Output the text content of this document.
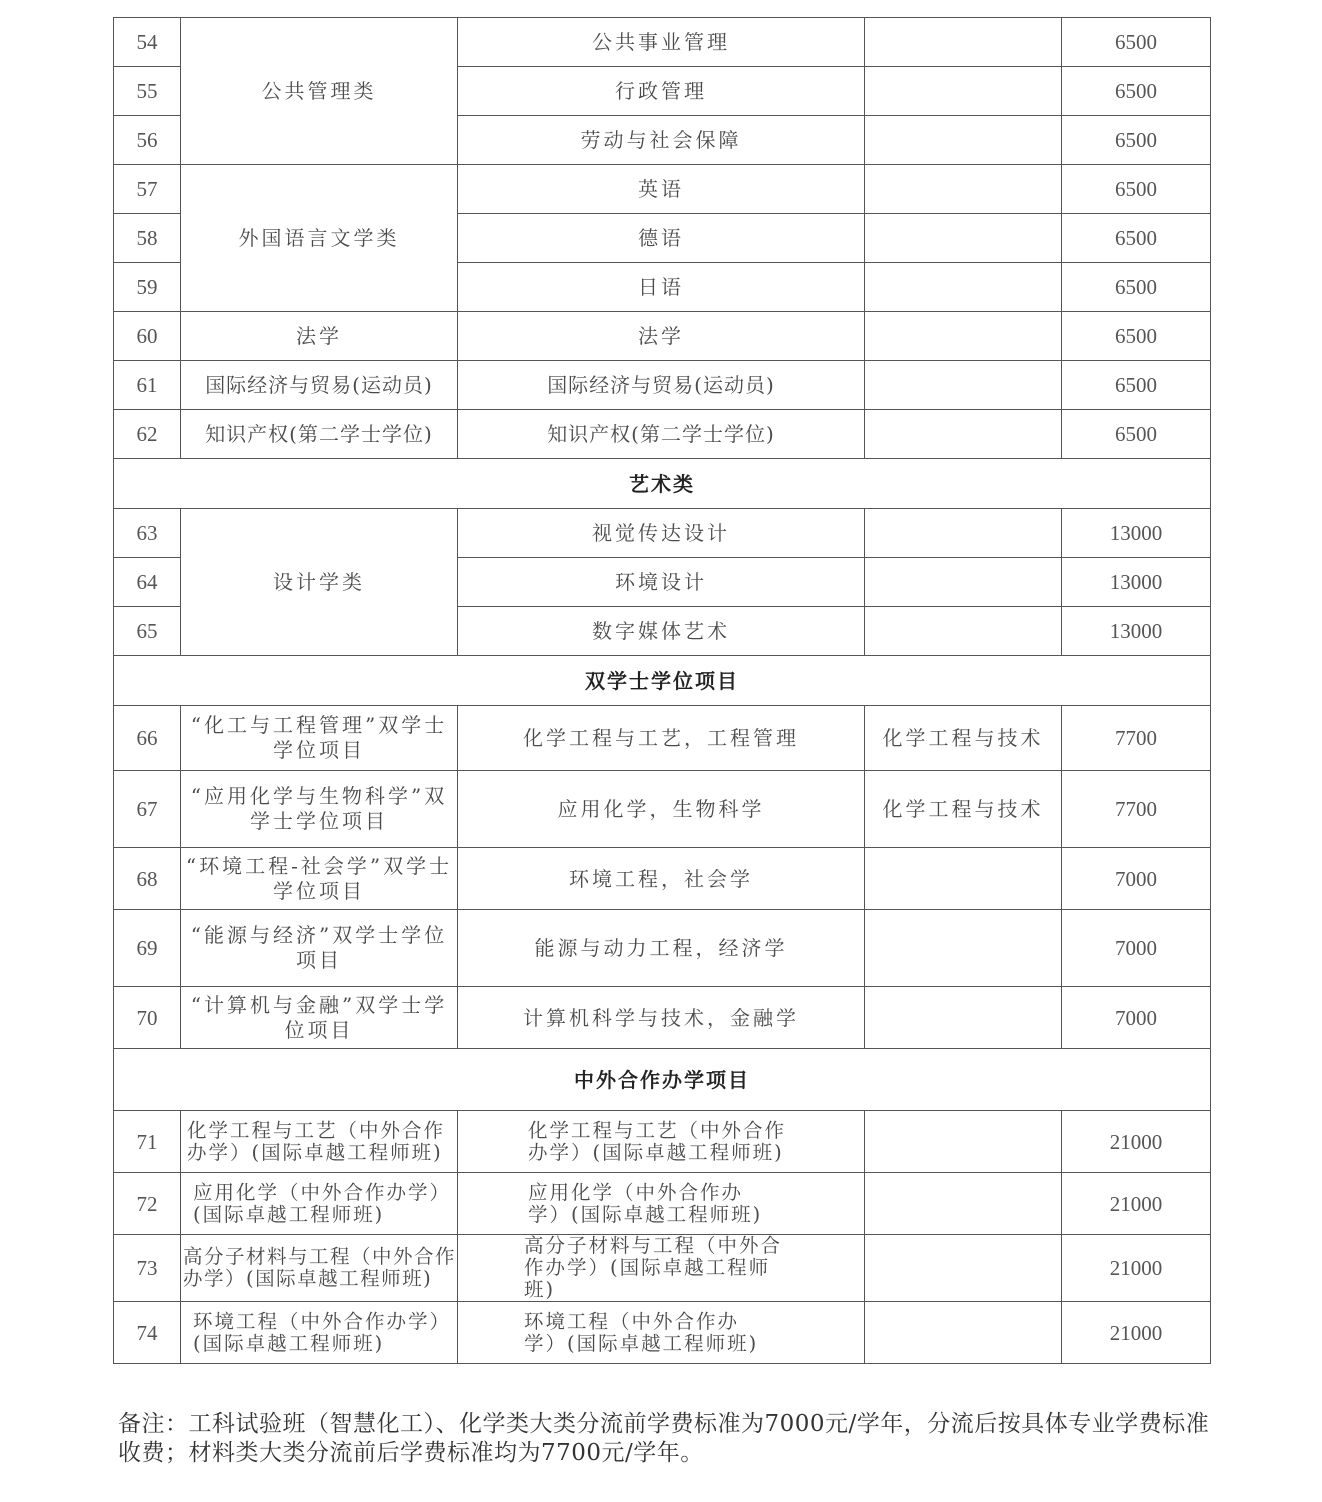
54	公共管理类	公共事业管理		6500
55		行政管理		6500
56		劳动与社会保障		6500
57	外国语言文学类	英语		6500
58		德语		6500
59		日语		6500
60	法学	法学		6500
61	国际经济与贸易(运动员)	国际经济与贸易(运动员)		6500
62	知识产权(第二学士学位)	知识产权(第二学士学位)		6500
艺术类				
63	设计学类	视觉传达设计		13000
64		环境设计		13000
65		数字媒体艺术		13000
双学士学位项目				
66	“化工与工程管理”双学士学位项目	化学工程与工艺，工程管理	化学工程与技术	7700
67	“应用化学与生物科学”双学士学位项目	应用化学，生物科学	化学工程与技术	7700
68	“环境工程-社会学”双学士学位项目	环境工程，社会学		7000
69	“能源与经济”双学士学位项目	能源与动力工程，经济学		7000
70	“计算机与金融”双学士学位项目	计算机科学与技术，金融学		7000
中外合作办学项目				
71	化学工程与工艺（中外合作办学）(国际卓越工程师班)	化学工程与工艺（中外合作办学）(国际卓越工程师班)		21000
72	应用化学（中外合作办学）(国际卓越工程师班)	应用化学（中外合作办学）(国际卓越工程师班)		21000
73	高分子材料与工程（中外合作办学）(国际卓越工程师班)	高分子材料与工程（中外合作办学）(国际卓越工程师班)		21000
74	环境工程（中外合作办学）(国际卓越工程师班)	环境工程（中外合作办学）(国际卓越工程师班)		21000
备注：工科试验班（智慧化工）、化学类大类分流前学费标准为7000元/学年，分流后按具体专业学费标准收费；材料类大类分流前后学费标准均为7700元/学年。
